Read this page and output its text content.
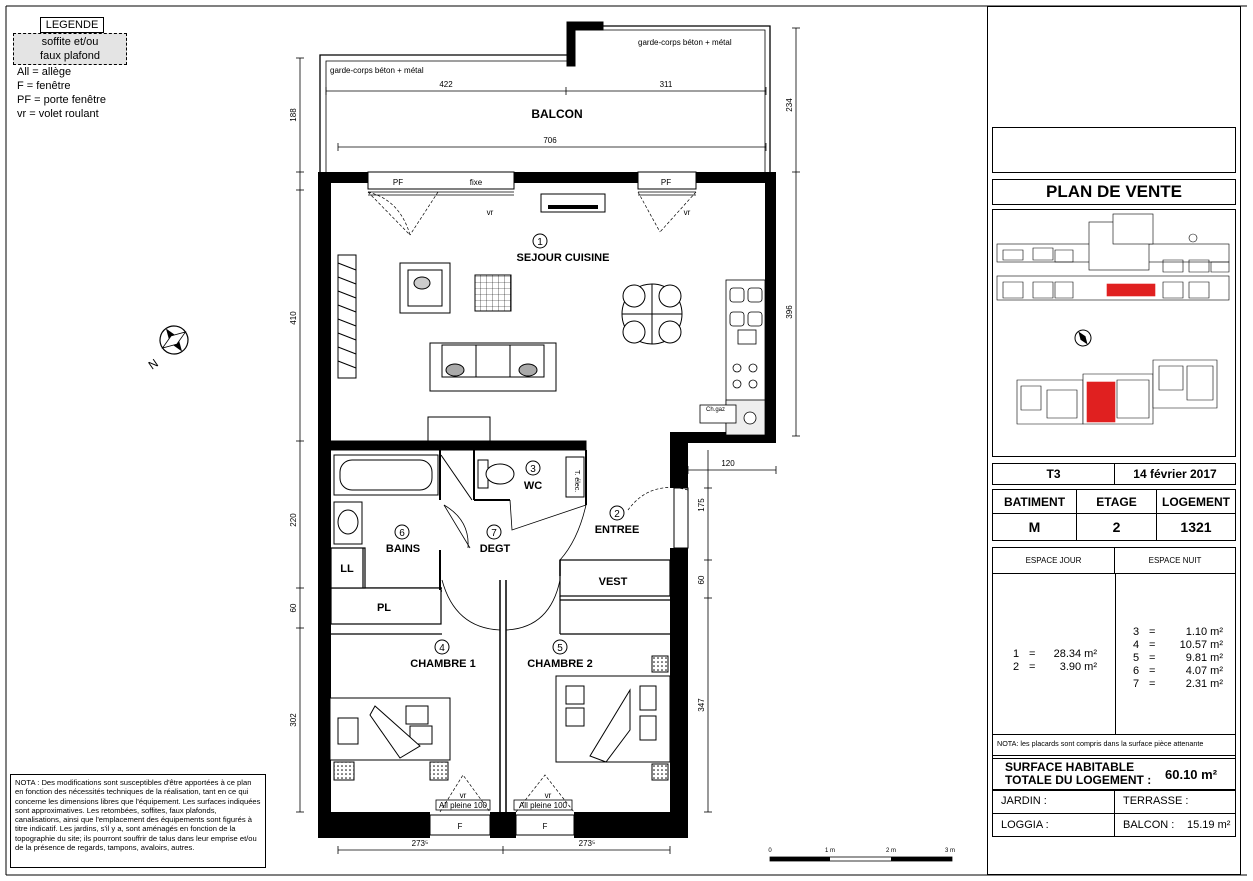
garde-corps béton + métal
garde-corps béton + métal
BALCON
422	311
706
188
234
PF	fixe	PF
F	F
vr	vr
vr	vr
All pleine 100	All pleine 100
Ch.gaz
T. élec.
1
SEJOUR CUISINE
2
ENTREE
3
WC
4
CHAMBRE 1
5
CHAMBRE 2
6
BAINS
7
DEGT
VEST
PL
LL
410	396
220
60
302
120
175
60
347
273⁵	273⁵
0	1 m	2 m	3 m
N
LEGENDE
soffite et/ou
faux plafond
All = allège
F = fenêtre
PF = porte fenêtre
vr = volet roulant
NOTA : Des modifications sont susceptibles d'être apportées à ce plan en fonction des nécessités techniques de la réalisation, tant en ce qui concerne les dimensions libres que l'équipement. Les surfaces indiquées sont approximatives. Les retombées, soffites, faux plafonds, canalisations, ainsi que l'emplacement des équipements sont figurés à titre indicatif. Les jardins, s'il y a, sont aménagés en fonction de la topographie du site; ils pourront souffrir de talus dans leur emprise et/ou de la présence de regards, tampons, avaloirs, autres.
PLAN DE VENTE
T3	14 février 2017
BATIMENT	ETAGE	LOGEMENT
M	2	1321
ESPACE JOUR	ESPACE NUIT
1 = 28.34 m²
2 = 3.90 m²
3 =	1.10 m²
4 = 10.57 m²
5 =	9.81 m²
6 =	4.07 m²
7 =	2.31 m²
NOTA: les placards sont compris dans la surface pièce attenante
SURFACE HABITABLE
TOTALE DU LOGEMENT : 60.10 m²
JARDIN :	TERRASSE :
LOGGIA :	BALCON : 15.19 m²
